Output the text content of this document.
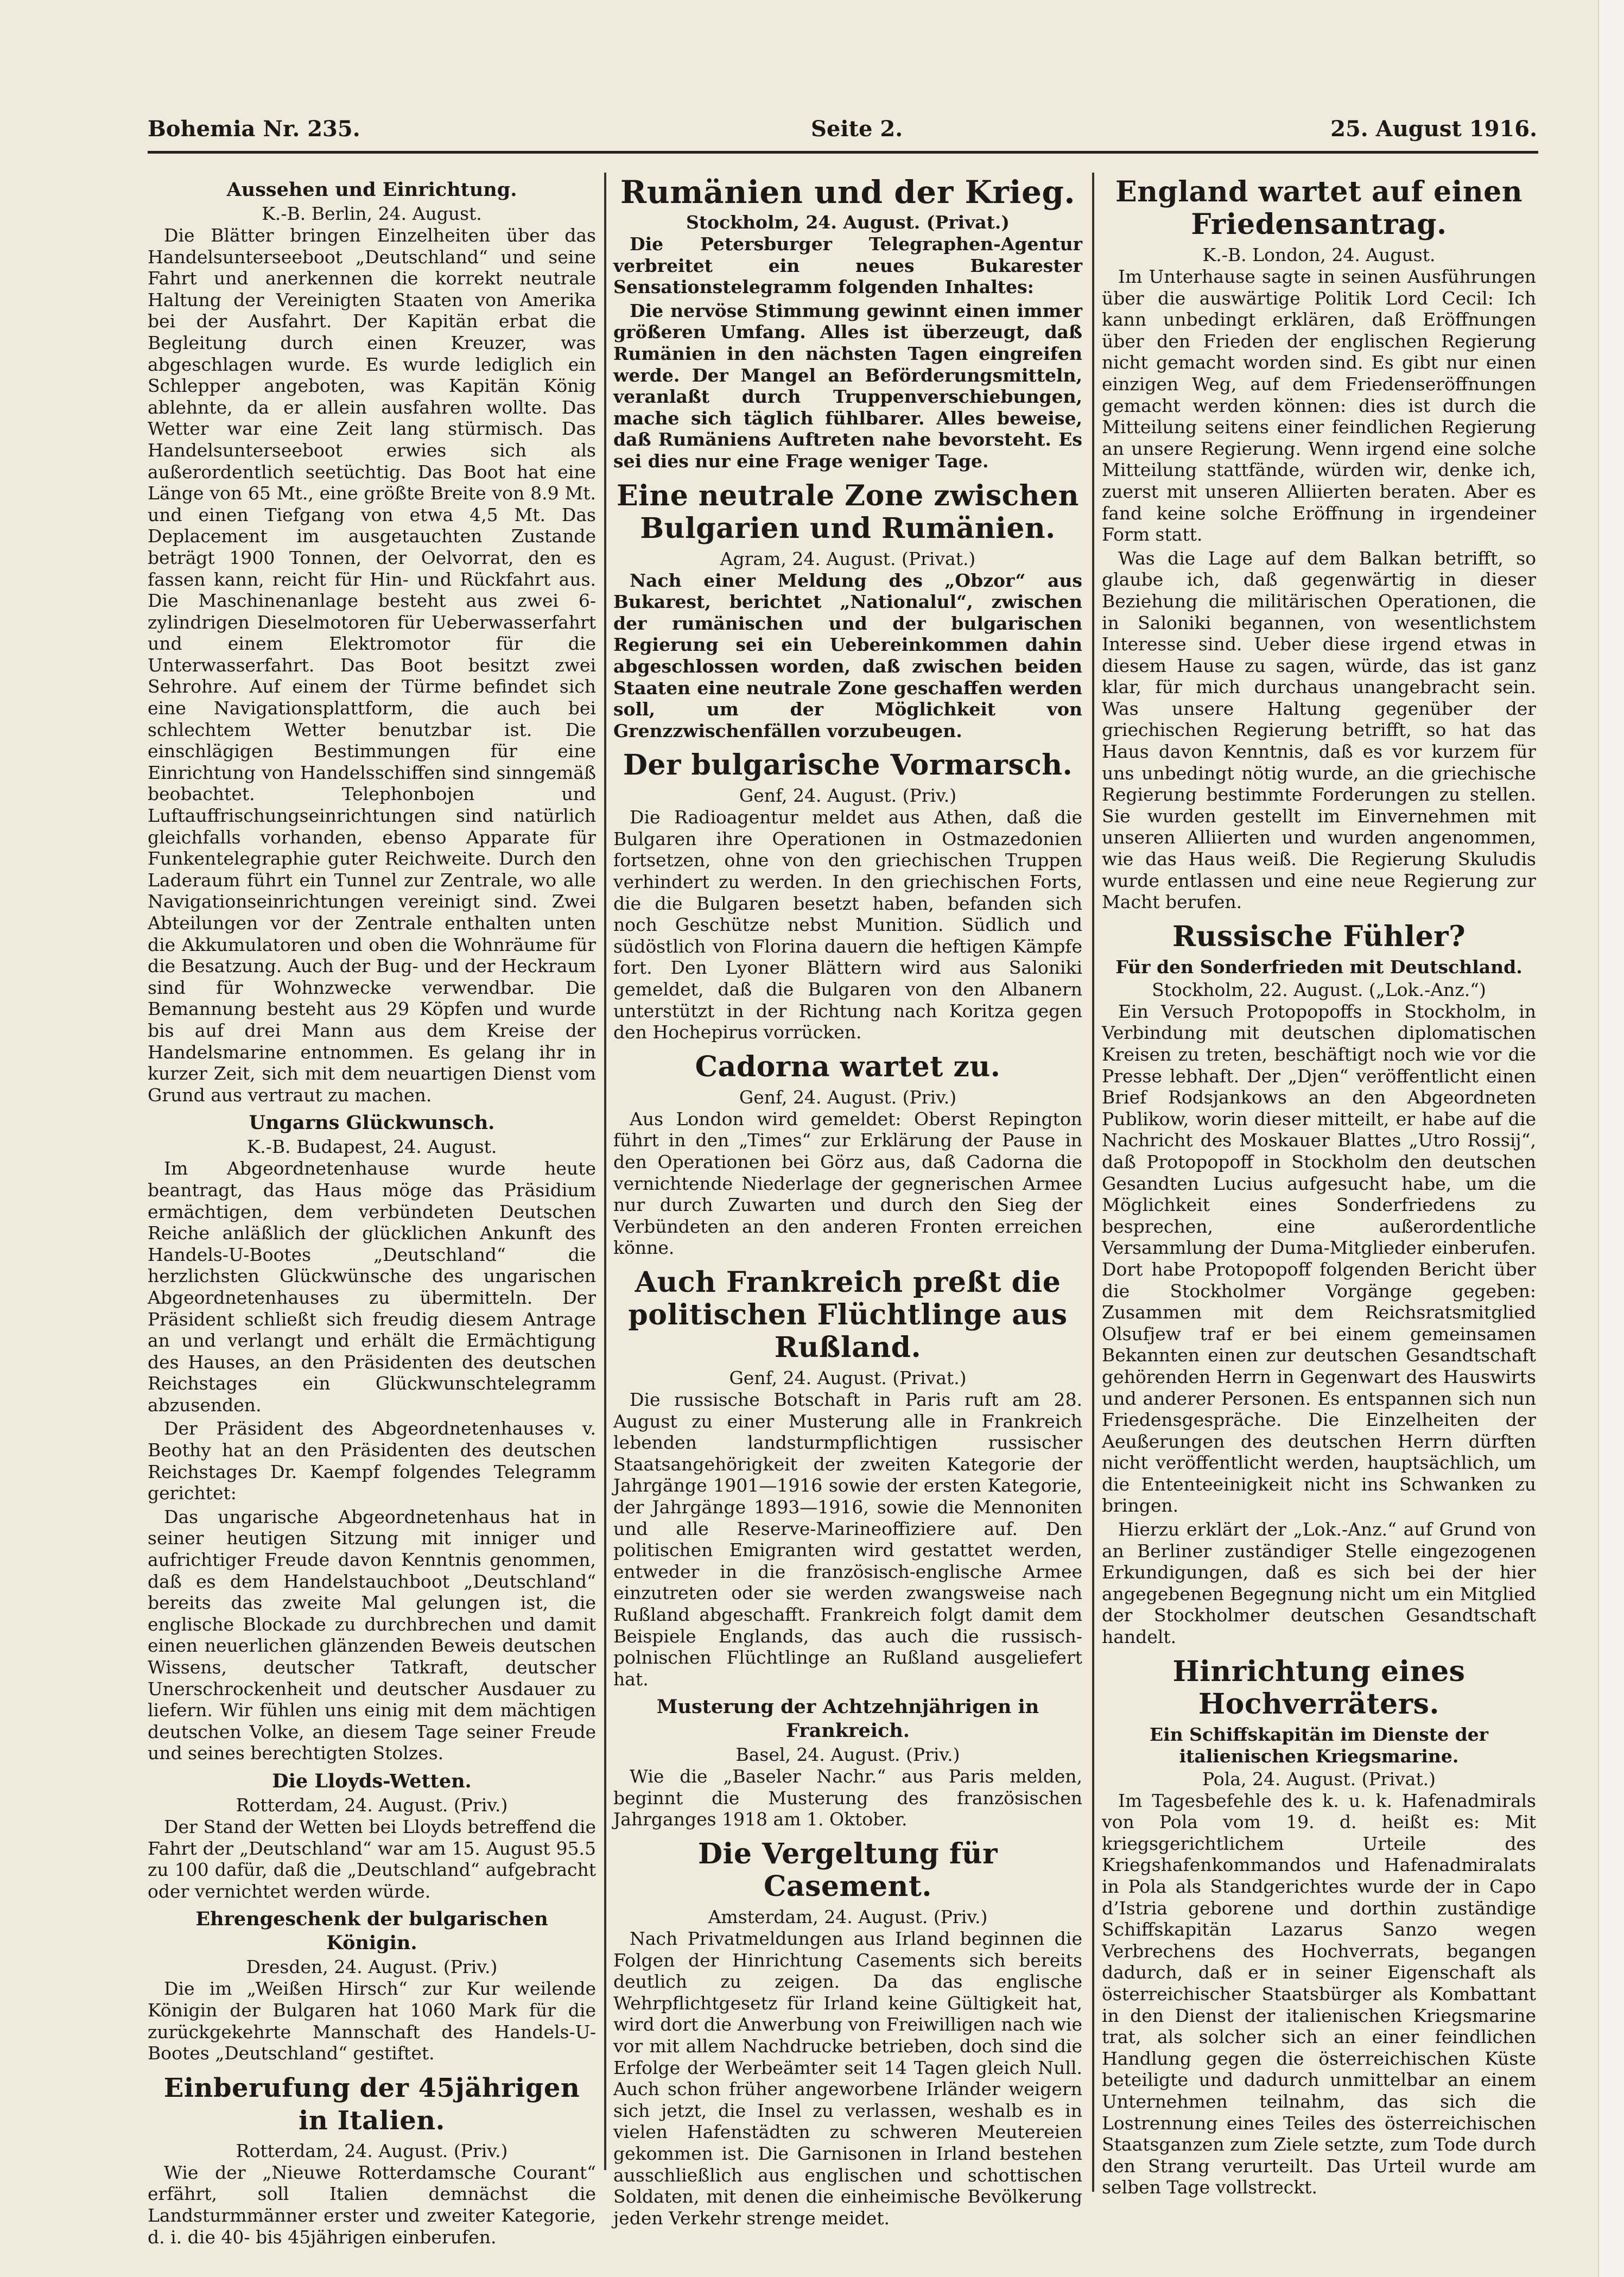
Bohemia Nr. 235.	Seite 2.	25. August 1916.
Aussehen und Einrichtung.
K.-B. Berlin, 24. August.

Die Blätter bringen Einzelheiten über das Handelsunterseeboot „Deutschland“ und seine Fahrt und anerkennen die korrekt neutrale Haltung der Vereinigten Staaten von Amerika bei der Ausfahrt. Der Kapitän erbat die Begleitung durch einen Kreuzer, was abgeschlagen wurde. Es wurde lediglich ein Schlepper angeboten, was Kapitän König ablehnte, da er allein ausfahren wollte. Das Wetter war eine Zeit lang stürmisch. Das Handelsunterseeboot erwies sich als außerordentlich seetüchtig. Das Boot hat eine Länge von 65 Mt., eine größte Breite von 8.9 Mt. und einen Tiefgang von etwa 4,5 Mt. Das Deplacement im ausgetauchten Zustande beträgt 1900 Tonnen, der Oelvorrat, den es fassen kann, reicht für Hin- und Rückfahrt aus. Die Maschinenanlage besteht aus zwei 6-zylindrigen Dieselmotoren für Ueberwasserfahrt und einem Elektromotor für die Unterwasserfahrt. Das Boot besitzt zwei Sehrohre. Auf einem der Türme befindet sich eine Navigationsplattform, die auch bei schlechtem Wetter benutzbar ist. Die einschlägigen Bestimmungen für eine Einrichtung von Handelsschiffen sind sinngemäß beobachtet. Telephonbojen und Luftauffrischungseinrichtungen sind natürlich gleichfalls vorhanden, ebenso Apparate für Funkentelegraphie guter Reichweite. Durch den Laderaum führt ein Tunnel zur Zentrale, wo alle Navigationseinrichtungen vereinigt sind. Zwei Abteilungen vor der Zentrale enthalten unten die Akkumulatoren und oben die Wohnräume für die Besatzung. Auch der Bug- und der Heckraum sind für Wohnzwecke verwendbar. Die Bemannung besteht aus 29 Köpfen und wurde bis auf drei Mann aus dem Kreise der Handelsmarine entnommen. Es gelang ihr in kurzer Zeit, sich mit dem neuartigen Dienst vom Grund aus vertraut zu machen.

Ungarns Glückwunsch.
K.-B. Budapest, 24. August.

Im Abgeordnetenhause wurde heute beantragt, das Haus möge das Präsidium ermächtigen, dem verbündeten Deutschen Reiche anläßlich der glücklichen Ankunft des Handels-U-Bootes „Deutschland“ die herzlichsten Glückwünsche des ungarischen Abgeordnetenhauses zu übermitteln. Der Präsident schließt sich freudig diesem Antrage an und verlangt und erhält die Ermächtigung des Hauses, an den Präsidenten des deutschen Reichstages ein Glückwunschtelegramm abzusenden.

Der Präsident des Abgeordnetenhauses v. Beothy hat an den Präsidenten des deutschen Reichstages Dr. Kaempf folgendes Telegramm gerichtet:

Das ungarische Abgeordnetenhaus hat in seiner heutigen Sitzung mit inniger und aufrichtiger Freude davon Kenntnis genommen, daß es dem Handelstauchboot „Deutschland“ bereits das zweite Mal gelungen ist, die englische Blockade zu durchbrechen und damit einen neuerlichen glänzenden Beweis deutschen Wissens, deutscher Tatkraft, deutscher Unerschrockenheit und deutscher Ausdauer zu liefern. Wir fühlen uns einig mit dem mächtigen deutschen Volke, an diesem Tage seiner Freude und seines berechtigten Stolzes.

Die Lloyds-Wetten.
Rotterdam, 24. August. (Priv.)

Der Stand der Wetten bei Lloyds betreffend die Fahrt der „Deutschland“ war am 15. August 95.5 zu 100 dafür, daß die „Deutschland“ aufgebracht oder vernichtet werden würde.

Ehrengeschenk der bulgarischen Königin.
Dresden, 24. August. (Priv.)

Die im „Weißen Hirsch“ zur Kur weilende Königin der Bulgaren hat 1060 Mark für die zurückgekehrte Mannschaft des Handels-U-Bootes „Deutschland“ gestiftet.

Einberufung der 45jährigen in Italien.
Rotterdam, 24. August. (Priv.)

Wie der „Nieuwe Rotterdamsche Courant“ erfährt, soll Italien demnächst die Landsturmmänner erster und zweiter Kategorie, d. i. die 40- bis 45jährigen einberufen.

Rumänien und der Krieg.
Stockholm, 24. August. (Privat.)

Die Petersburger Telegraphen-Agentur verbreitet ein neues Bukarester Sensationstelegramm folgenden Inhaltes:

Die nervöse Stimmung gewinnt einen immer größeren Umfang. Alles ist überzeugt, daß Rumänien in den nächsten Tagen eingreifen werde. Der Mangel an Beförderungsmitteln, veranlaßt durch Truppenverschiebungen, mache sich täglich fühlbarer. Alles beweise, daß Rumäniens Auftreten nahe bevorsteht. Es sei dies nur eine Frage weniger Tage.

Eine neutrale Zone zwischen Bulgarien und Rumänien.
Agram, 24. August. (Privat.)

Nach einer Meldung des „Obzor“ aus Bukarest, berichtet „Nationalul“, zwischen der rumänischen und der bulgarischen Regierung sei ein Uebereinkommen dahin abgeschlossen worden, daß zwischen beiden Staaten eine neutrale Zone geschaffen werden soll, um der Möglichkeit von Grenzzwischenfällen vorzubeugen.

Der bulgarische Vormarsch.
Genf, 24. August. (Priv.)

Die Radioagentur meldet aus Athen, daß die Bulgaren ihre Operationen in Ostmazedonien fortsetzen, ohne von den griechischen Truppen verhindert zu werden. In den griechischen Forts, die die Bulgaren besetzt haben, befanden sich noch Geschütze nebst Munition. Südlich und südöstlich von Florina dauern die heftigen Kämpfe fort. Den Lyoner Blättern wird aus Saloniki gemeldet, daß die Bulgaren von den Albanern unterstützt in der Richtung nach Koritza gegen den Hochepirus vorrücken.

Cadorna wartet zu.
Genf, 24. August. (Priv.)

Aus London wird gemeldet: Oberst Repington führt in den „Times“ zur Erklärung der Pause in den Operationen bei Görz aus, daß Cadorna die vernichtende Niederlage der gegnerischen Armee nur durch Zuwarten und durch den Sieg der Verbündeten an den anderen Fronten erreichen könne.

Auch Frankreich preßt die politischen Flüchtlinge aus Rußland.
Genf, 24. August. (Privat.)

Die russische Botschaft in Paris ruft am 28. August zu einer Musterung alle in Frankreich lebenden landsturmpflichtigen russischer Staatsangehörigkeit der zweiten Kategorie der Jahrgänge 1901—1916 sowie der ersten Kategorie, der Jahrgänge 1893—1916, sowie die Mennoniten und alle Reserve-Marineoffiziere auf. Den politischen Emigranten wird gestattet werden, entweder in die französisch-englische Armee einzutreten oder sie werden zwangsweise nach Rußland abgeschafft. Frankreich folgt damit dem Beispiele Englands, das auch die russisch-polnischen Flüchtlinge an Rußland ausgeliefert hat.

Musterung der Achtzehnjährigen in Frankreich.
Basel, 24. August. (Priv.)

Wie die „Baseler Nachr.“ aus Paris melden, beginnt die Musterung des französischen Jahrganges 1918 am 1. Oktober.

Die Vergeltung für Casement.
Amsterdam, 24. August. (Priv.)

Nach Privatmeldungen aus Irland beginnen die Folgen der Hinrichtung Casements sich bereits deutlich zu zeigen. Da das englische Wehrpflichtgesetz für Irland keine Gültigkeit hat, wird dort die Anwerbung von Freiwilligen nach wie vor mit allem Nachdrucke betrieben, doch sind die Erfolge der Werbeämter seit 14 Tagen gleich Null. Auch schon früher angeworbene Irländer weigern sich jetzt, die Insel zu verlassen, weshalb es in vielen Hafenstädten zu schweren Meutereien gekommen ist. Die Garnisonen in Irland bestehen ausschließlich aus englischen und schottischen Soldaten, mit denen die einheimische Bevölkerung jeden Verkehr strenge meidet.

England wartet auf einen Friedensantrag.
K.-B. London, 24. August.

Im Unterhause sagte in seinen Ausführungen über die auswärtige Politik Lord Cecil: Ich kann unbedingt erklären, daß Eröffnungen über den Frieden der englischen Regierung nicht gemacht worden sind. Es gibt nur einen einzigen Weg, auf dem Friedenseröffnungen gemacht werden können: dies ist durch die Mitteilung seitens einer feindlichen Regierung an unsere Regierung. Wenn irgend eine solche Mitteilung stattfände, würden wir, denke ich, zuerst mit unseren Alliierten beraten. Aber es fand keine solche Eröffnung in irgendeiner Form statt.

Was die Lage auf dem Balkan betrifft, so glaube ich, daß gegenwärtig in dieser Beziehung die militärischen Operationen, die in Saloniki begannen, von wesentlichstem Interesse sind. Ueber diese irgend etwas in diesem Hause zu sagen, würde, das ist ganz klar, für mich durchaus unangebracht sein. Was unsere Haltung gegenüber der griechischen Regierung betrifft, so hat das Haus davon Kenntnis, daß es vor kurzem für uns unbedingt nötig wurde, an die griechische Regierung bestimmte Forderungen zu stellen. Sie wurden gestellt im Einvernehmen mit unseren Alliierten und wurden angenommen, wie das Haus weiß. Die Regierung Skuludis wurde entlassen und eine neue Regierung zur Macht berufen.

Russische Fühler?
Für den Sonderfrieden mit Deutschland.
Stockholm, 22. August. („Lok.-Anz.“)

Ein Versuch Protopopoffs in Stockholm, in Verbindung mit deutschen diplomatischen Kreisen zu treten, beschäftigt noch wie vor die Presse lebhaft. Der „Djen“ veröffentlicht einen Brief Rodsjankows an den Abgeordneten Publikow, worin dieser mitteilt, er habe auf die Nachricht des Moskauer Blattes „Utro Rossij“, daß Protopopoff in Stockholm den deutschen Gesandten Lucius aufgesucht habe, um die Möglichkeit eines Sonderfriedens zu besprechen, eine außerordentliche Versammlung der Duma-Mitglieder einberufen. Dort habe Protopopoff folgenden Bericht über die Stockholmer Vorgänge gegeben: Zusammen mit dem Reichsratsmitglied Olsufjew traf er bei einem gemeinsamen Bekannten einen zur deutschen Gesandtschaft gehörenden Herrn in Gegenwart des Hauswirts und anderer Personen. Es entspannen sich nun Friedensgespräche. Die Einzelheiten der Aeußerungen des deutschen Herrn dürften nicht veröffentlicht werden, hauptsächlich, um die Ententeeinigkeit nicht ins Schwanken zu bringen.

Hierzu erklärt der „Lok.-Anz.“ auf Grund von an Berliner zuständiger Stelle eingezogenen Erkundigungen, daß es sich bei der hier angegebenen Begegnung nicht um ein Mitglied der Stockholmer deutschen Gesandtschaft handelt.

Hinrichtung eines Hochverräters.
Ein Schiffskapitän im Dienste der italienischen Kriegsmarine.
Pola, 24. August. (Privat.)

Im Tagesbefehle des k. u. k. Hafenadmirals von Pola vom 19. d. heißt es: Mit kriegsgerichtlichem Urteile des Kriegshafenkommandos und Hafenadmiralats in Pola als Standgerichtes wurde der in Capo d’Istria geborene und dorthin zuständige Schiffskapitän Lazarus Sanzo wegen Verbrechens des Hochverrats, begangen dadurch, daß er in seiner Eigenschaft als österreichischer Staatsbürger als Kombattant in den Dienst der italienischen Kriegsmarine trat, als solcher sich an einer feindlichen Handlung gegen die österreichischen Küste beteiligte und dadurch unmittelbar an einem Unternehmen teilnahm, das sich die Lostrennung eines Teiles des österreichischen Staatsganzen zum Ziele setzte, zum Tode durch den Strang verurteilt. Das Urteil wurde am selben Tage vollstreckt.
